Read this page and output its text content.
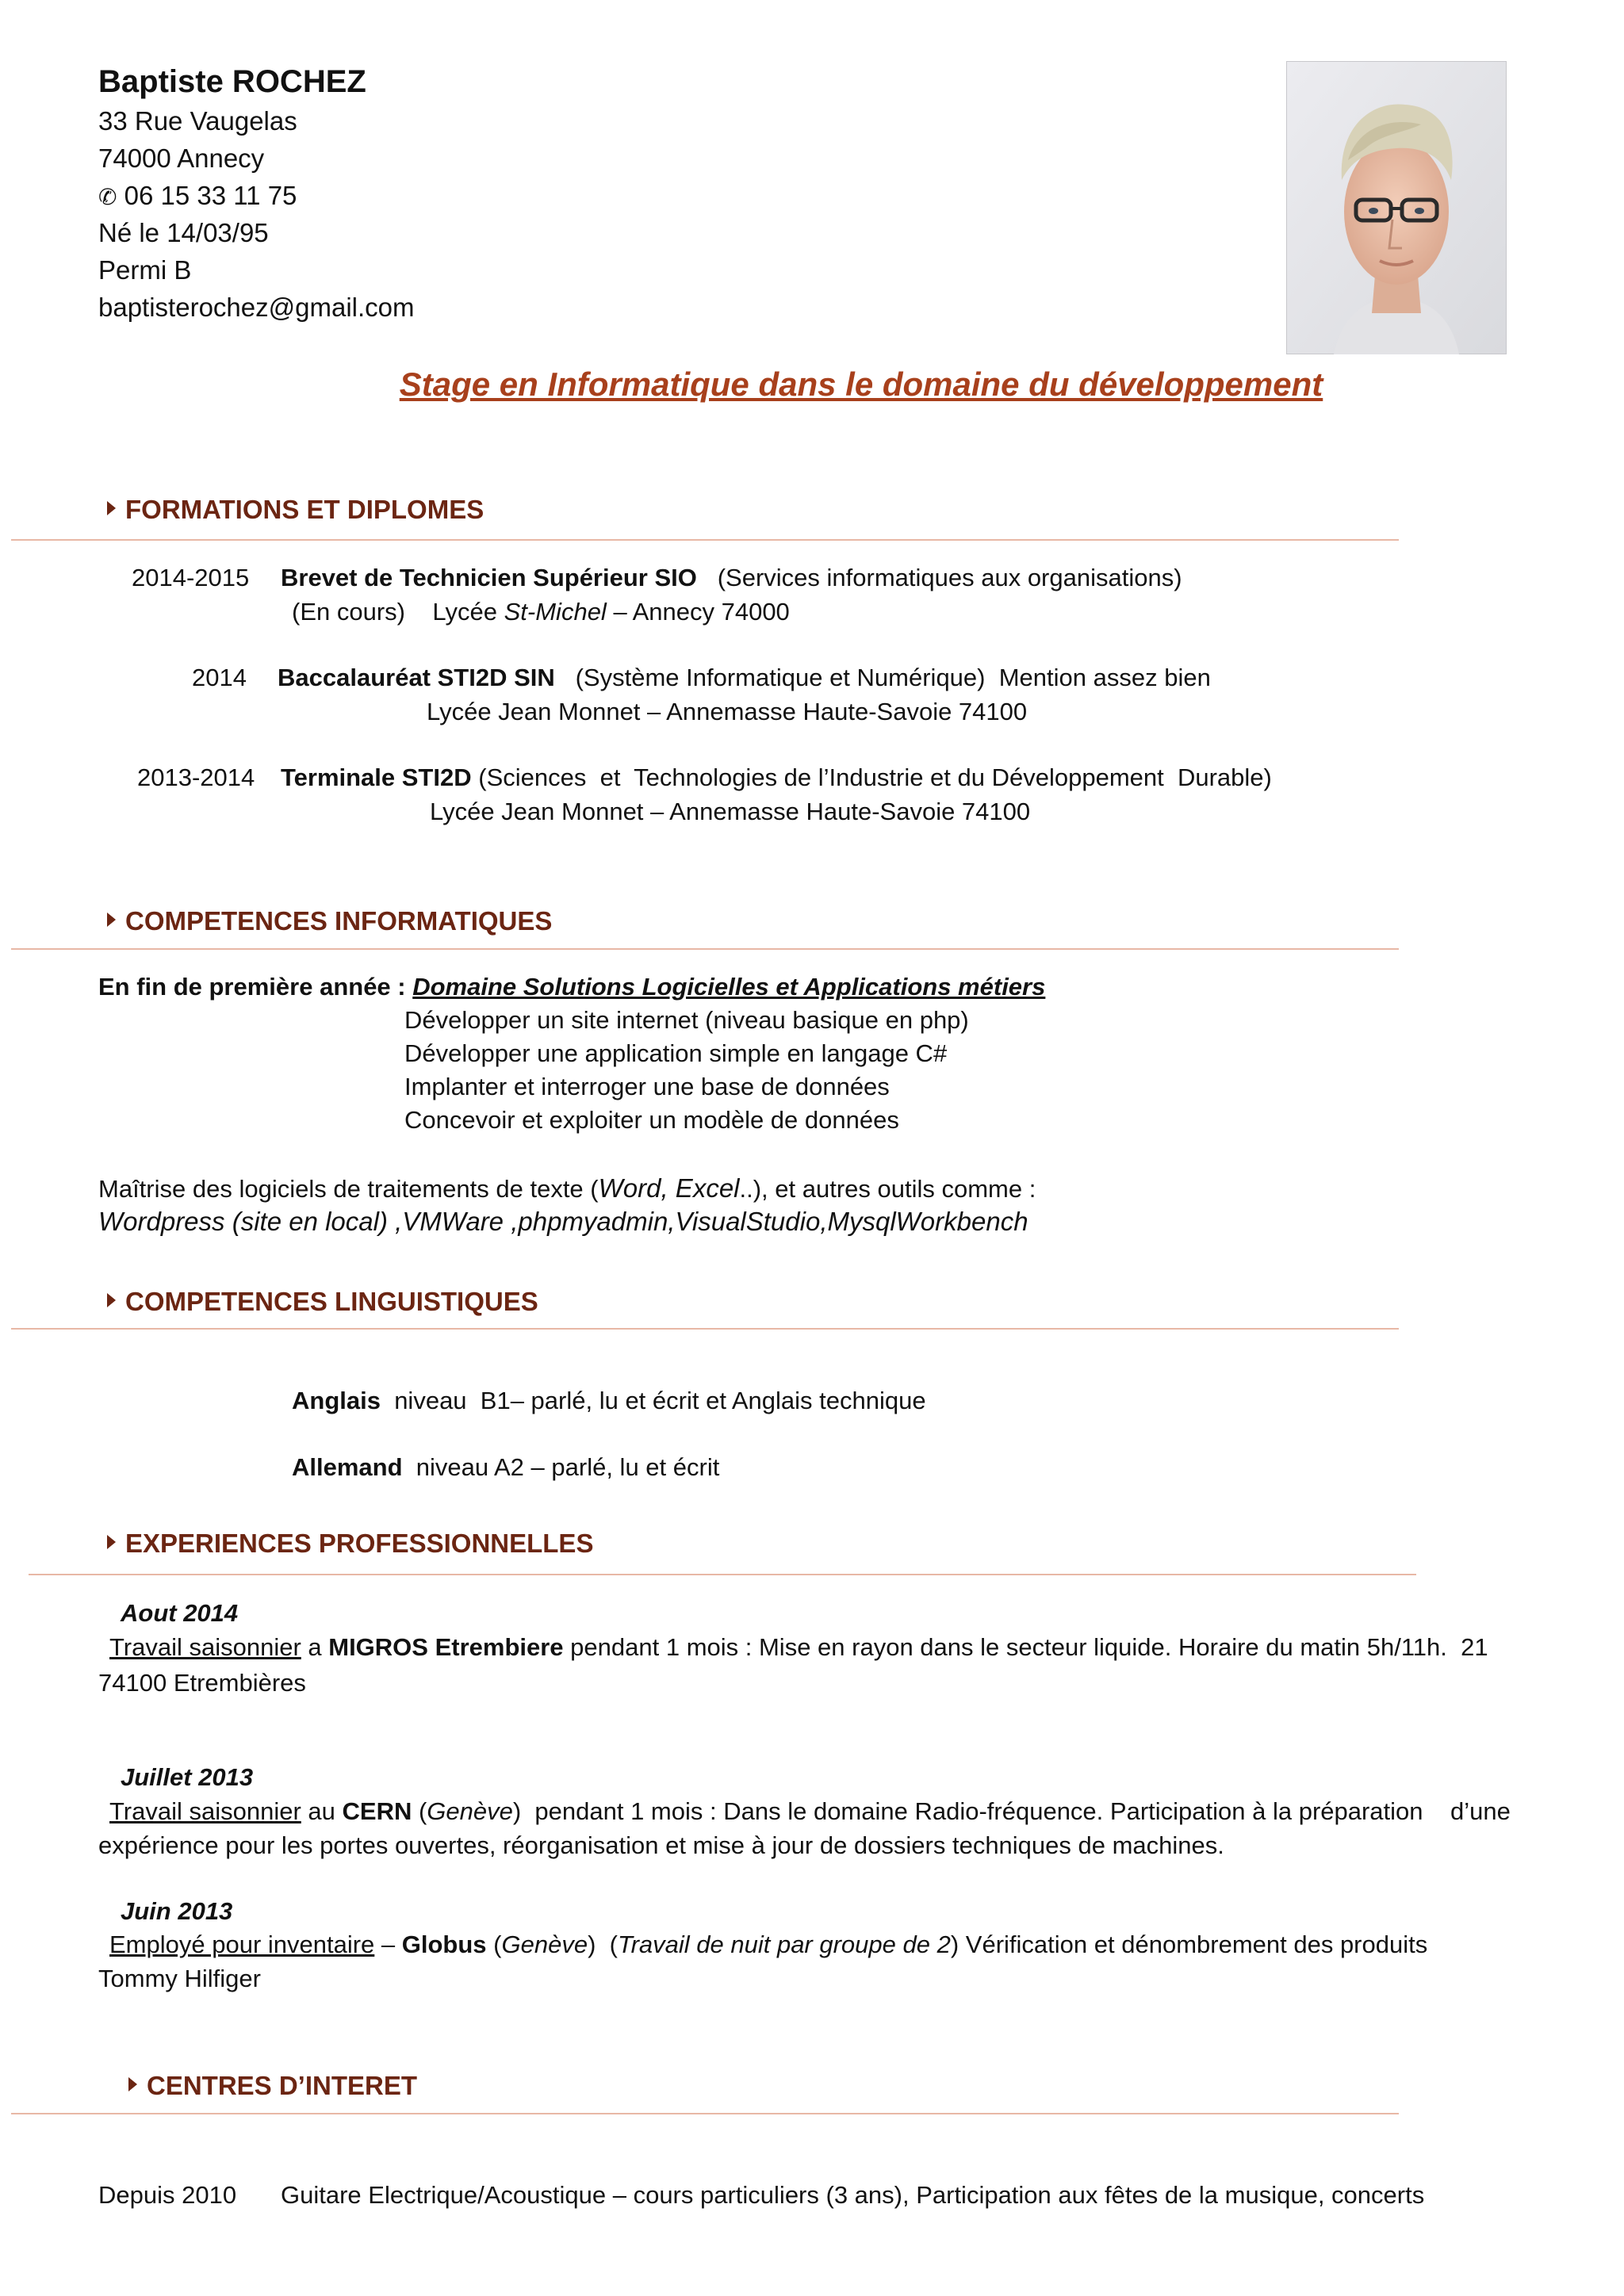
Baptiste ROCHEZ
33 Rue Vaugelas
74000 Annecy
✆ 06 15 33 11 75
Né le 14/03/95
Permi B
baptisterochez@gmail.com
Stage en Informatique dans le domaine du développement
FORMATIONS ET DIPLOMES
2014-2015 Brevet de Technicien Supérieur SIO (Services informatiques aux organisations)
(En cours)    Lycée St-Michel – Annecy 74000
2014 Baccalauréat STI2D SIN (Système Informatique et Numérique)  Mention assez bien
Lycée Jean Monnet – Annemasse Haute-Savoie 74100
2013-2014 Terminale STI2D (Sciences  et  Technologies de l’Industrie et du Développement  Durable)
Lycée Jean Monnet – Annemasse Haute-Savoie 74100
COMPETENCES INFORMATIQUES
En fin de première année : Domaine Solutions Logicielles et Applications métiers
Développer un site internet (niveau basique en php)
Développer une application simple en langage C#
Implanter et interroger une base de données
Concevoir et exploiter un modèle de données
Maîtrise des logiciels de traitements de texte (Word, Excel..), et autres outils comme :
Wordpress (site en local) ,VMWare ,phpmyadmin,VisualStudio,MysqlWorkbench
COMPETENCES LINGUISTIQUES
Anglais  niveau  B1– parlé, lu et écrit et Anglais technique
Allemand  niveau A2 – parlé, lu et écrit
EXPERIENCES PROFESSIONNELLES
Aout 2014
Travail saisonnier a MIGROS Etrembiere pendant 1 mois : Mise en rayon dans le secteur liquide. Horaire du matin 5h/11h.  21
74100 Etrembières
Juillet 2013
Travail saisonnier au CERN (Genève)  pendant 1 mois : Dans le domaine Radio-fréquence. Participation à la préparation    d’une
expérience pour les portes ouvertes, réorganisation et mise à jour de dossiers techniques de machines.
Juin 2013
Employé pour inventaire – Globus (Genève)  (Travail de nuit par groupe de 2) Vérification et dénombrement des produits
Tommy Hilfiger
CENTRES D’INTERET
Depuis 2010 Guitare Electrique/Acoustique – cours particuliers (3 ans), Participation aux fêtes de la musique, concerts
